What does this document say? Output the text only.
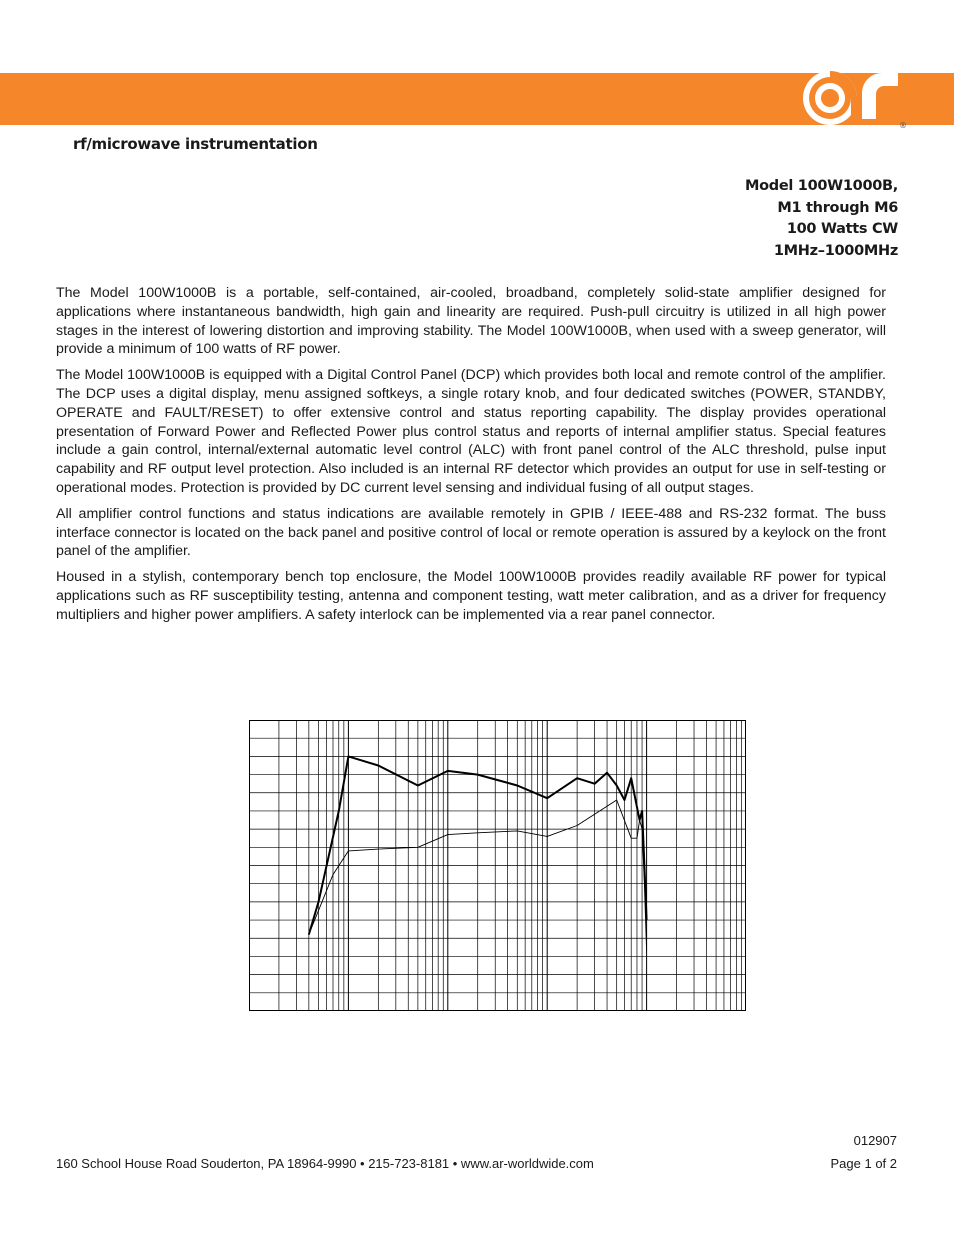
®
rf/microwave instrumentation
Model 100W1000B,
M1 through M6
100 Watts CW
1MHz–1000MHz

The Model 100W1000B is a portable, self-contained, air-cooled, broadband, completely solid-state amplifier designed for applications where instantaneous bandwidth, high gain and linearity are required. Push-pull circuitry is utilized in all high power stages in the interest of lowering distortion and improving stability. The Model 100W1000B, when used with a sweep generator, will provide a minimum of 100 watts of RF power.

The Model 100W1000B is equipped with a Digital Control Panel (DCP) which provides both local and remote control of the amplifier. The DCP uses a digital display, menu assigned softkeys, a single rotary knob, and four dedicated switches (POWER, STANDBY, OPERATE and FAULT/RESET) to offer extensive control and status reporting capability. The display provides operational presentation of Forward Power and Reflected Power plus control status and reports of internal amplifier status. Special features include a gain control, internal/external automatic level control (ALC) with front panel control of the ALC threshold, pulse input capability and RF output level protection. Also included is an internal RF detector which provides an output for use in self-testing or operational modes. Protection is provided by DC current level sensing and individual fusing of all output stages.

All amplifier control functions and status indications are available remotely in GPIB / IEEE-488 and RS-232 format. The buss interface connector is located on the back panel and positive control of local or remote operation is assured by a keylock on the front panel of the amplifier.

Housed in a stylish, contemporary bench top enclosure, the Model 100W1000B provides readily available RF power for typical applications such as RF susceptibility testing, antenna and component testing, watt meter calibration, and as a driver for frequency multipliers and higher power amplifiers. A safety interlock can be implemented via a rear panel connector.

012907
160 School House Road Souderton, PA 18964-9990 • 215-723-8181 • www.ar-worldwide.com	Page 1 of 2
